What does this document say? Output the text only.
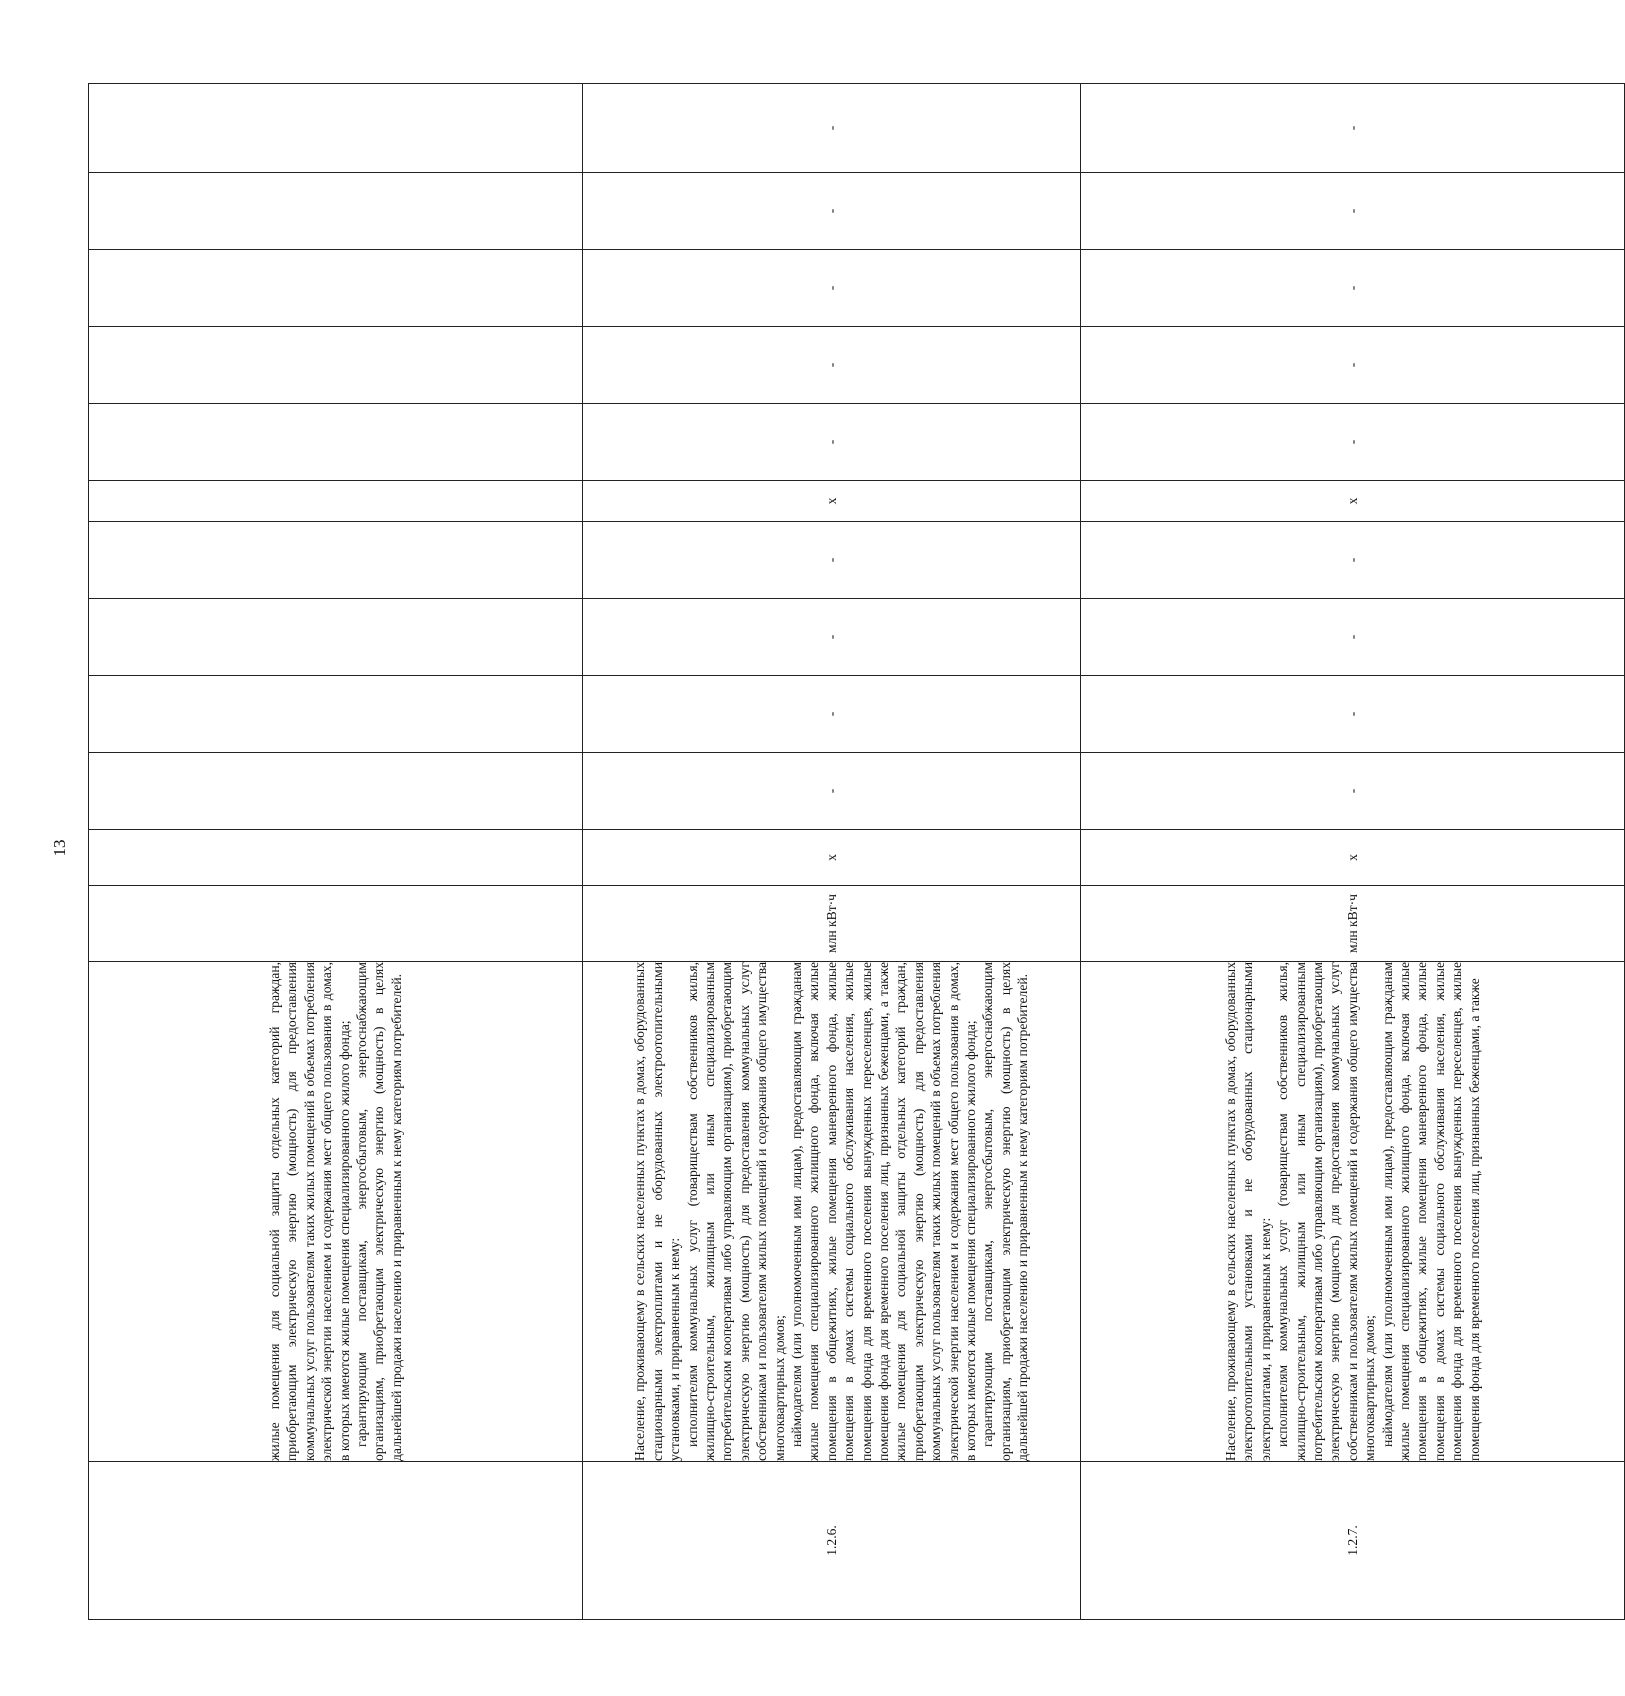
13

	жилые помещения для социальной защиты отдельных категорий граждан, приобретающим электрическую энергию (мощность) для предоставления коммунальных услуг пользователям таких жилых помещений в объемах потребления электрической энергии населением и содержания мест общего пользования в домах, в которых имеются жилые помещения специализированного жилого фонда; гарантирующим поставщикам, энергосбытовым, энергоснабжающим организациям, приобретающим электрическую энергию (мощность) в целях дальнейшей продажи населению и приравненным к нему категориям потребителей.												

1.2.6.	Население, проживающему в сельских населенных пунктах в домах, оборудованных стационарными электроплитами и не оборудованных электроотопительными установками, и приравненным к нему: исполнителям коммунальных услуг (товариществам собственников жилья, жилищно-строительным, жилищным или иным специализированным потребительским кооперативам либо управляющим организациям), приобретающим электрическую энергию (мощность) для предоставления коммунальных услуг собственникам и пользователям жилых помещений и содержания общего имущества многоквартирных домов; наймодателям (или уполномоченным ими лицам), предоставляющим гражданам жилые помещения специализированного жилищного фонда, включая жилые помещения в общежитиях, жилые помещения маневренного фонда, жилые помещения в домах системы социального обслуживания населения, жилые помещения фонда для временного поселения вынужденных переселенцев, жилые помещения фонда для временного поселения лиц, признанных беженцами, а также жилые помещения для социальной защиты отдельных категорий граждан, приобретающим электрическую энергию (мощность) для предоставления коммунальных услуг пользователям таких жилых помещений в объемах потребления электрической энергии населением и содержания мест общего пользования в домах, в которых имеются жилые помещения специализированного жилого фонда; гарантирующим поставщикам, энергосбытовым, энергоснабжающим организациям, приобретающим электрическую энергию (мощность) в целях дальнейшей продажи населению и приравненным к нему категориям потребителей.	млн кВт·ч	x	-	-	-	-	x	-	-	-	-	-
1.2.7.	Население, проживающему в сельских населенных пунктах в домах, оборудованных электроотопительными установками и не оборудованных стационарными электроплитами, и приравненным к нему: исполнителям коммунальных услуг (товариществам собственников жилья, жилищно-строительным, жилищным или иным специализированным потребительским кооперативам либо управляющим организациям), приобретающим электрическую энергию (мощность) для предоставления коммунальных услуг собственникам и пользователям жилых помещений и содержания общего имущества многоквартирных домов; наймодателям (или уполномоченным ими лицам), предоставляющим гражданам жилые помещения специализированного жилищного фонда, включая жилые помещения в общежитиях, жилые помещения маневренного фонда, жилые помещения в домах системы социального обслуживания населения, жилые помещения фонда для временного поселения вынужденных переселенцев, жилые помещения фонда для временного поселения лиц, признанных беженцами, а также	млн кВт·ч	x	-	-	-	-	x	-	-	-	-	-
